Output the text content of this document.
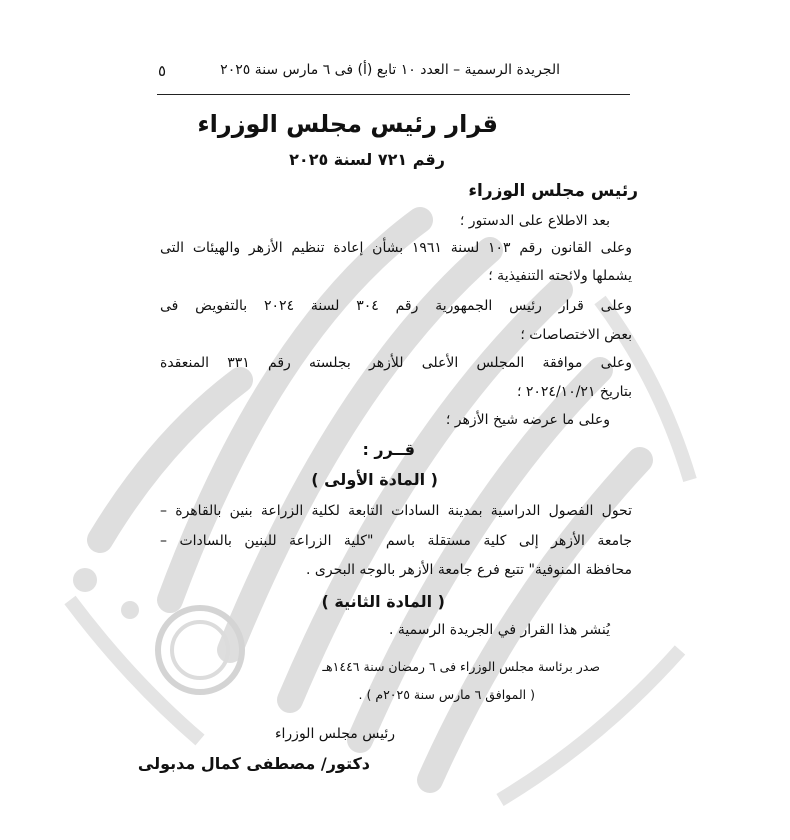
الجريدة الرسمية – العدد ١٠ تابع (أ) فى ٦ مارس سنة ٢٠٢٥
٥
قرار رئيس مجلس الوزراء
رقم ٧٢١ لسنة ٢٠٢٥
رئيس مجلس الوزراء
بعد الاطلاع على الدستور ؛
وعلى القانون رقم ١٠٣ لسنة ١٩٦١ بشأن إعادة تنظيم الأزهر والهيئات التى
يشملها ولائحته التنفيذية ؛
وعلى قرار رئيس الجمهورية رقم ٣٠٤ لسنة ٢٠٢٤ بالتفويض فى
بعض الاختصاصات ؛
وعلى موافقة المجلس الأعلى للأزهر بجلسته رقم ٣٣١ المنعقدة
بتاريخ ٢٠٢٤/١٠/٢١ ؛
وعلى ما عرضه شيخ الأزهر ؛
قــرر :
( المادة الأولى )
تحول الفصول الدراسية بمدينة السادات التابعة لكلية الزراعة بنين بالقاهرة –
جامعة الأزهر إلى كلية مستقلة باسم "كلية الزراعة للبنين بالسادات –
محافظة المنوفية" تتبع فرع جامعة الأزهر بالوجه البحرى .
( المادة الثانية )
يُنشر هذا القرار في الجريدة الرسمية .
صدر برئاسة مجلس الوزراء فى ٦ رمضان سنة ١٤٤٦هـ
( الموافق ٦ مارس سنة ٢٠٢٥م ) .
رئيس مجلس الوزراء
دكتور/ مصطفى كمال مدبولى
